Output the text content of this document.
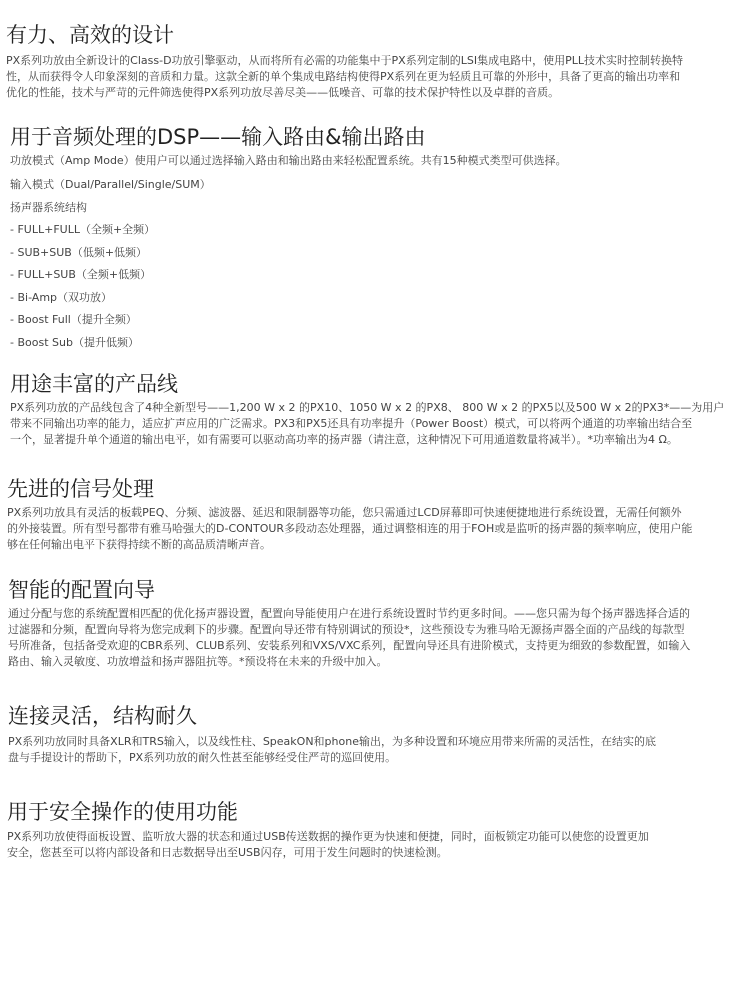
有力、高效的设计

PX系列功放由全新设计的Class-D功放引擎驱动，从而将所有必需的功能集中于PX系列定制的LSI集成电路中，使用PLL技术实时控制转换特
性，从而获得令人印象深刻的音质和力量。这款全新的单个集成电路结构使得PX系列在更为轻质且可靠的外形中，具备了更高的输出功率和
优化的性能，技术与严苛的元件筛选使得PX系列功放尽善尽美——低噪音、可靠的技术保护特性以及卓群的音质。

用于音频处理的DSP——输入路由&输出路由

功放模式（Amp Mode）使用户可以通过选择输入路由和输出路由来轻松配置系统。共有15种模式类型可供选择。

输入模式（Dual/Parallel/Single/SUM）
扬声器系统结构
- FULL+FULL（全频+全频）
- SUB+SUB（低频+低频）
- FULL+SUB（全频+低频）
- Bi-Amp（双功放）
- Boost Full（提升全频）
- Boost Sub（提升低频）
用途丰富的产品线

PX系列功放的产品线包含了4种全新型号——1,200 W x 2 的PX10、1050 W x 2 的PX8、 800 W x 2 的PX5以及500 W x 2的PX3*——为用户
带来不同输出功率的能力，适应扩声应用的广泛需求。PX3和PX5还具有功率提升（Power Boost）模式，可以将两个通道的功率输出结合至
一个，显著提升单个通道的输出电平，如有需要可以驱动高功率的扬声器（请注意，这种情况下可用通道数量将减半）。*功率输出为4 Ω。

先进的信号处理

PX系列功放具有灵活的板载PEQ、分频、滤波器、延迟和限制器等功能，您只需通过LCD屏幕即可快速便捷地进行系统设置，无需任何额外
的外接装置。所有型号都带有雅马哈强大的D-CONTOUR多段动态处理器，通过调整相连的用于FOH或是监听的扬声器的频率响应，使用户能
够在任何输出电平下获得持续不断的高品质清晰声音。

智能的配置向导

通过分配与您的系统配置相匹配的优化扬声器设置，配置向导能使用户在进行系统设置时节约更多时间。——您只需为每个扬声器选择合适的
过滤器和分频，配置向导将为您完成剩下的步骤。配置向导还带有特别调试的预设*，这些预设专为雅马哈无源扬声器全面的产品线的每款型
号所准备，包括备受欢迎的CBR系列、CLUB系列、安装系列和VXS/VXC系列，配置向导还具有进阶模式，支持更为细致的参数配置，如输入
路由、输入灵敏度、功放增益和扬声器阻抗等。*预设将在未来的升级中加入。

连接灵活，结构耐久

PX系列功放同时具备XLR和TRS输入，以及线性柱、SpeakON和phone输出，为多种设置和环境应用带来所需的灵活性，在结实的底
盘与手提设计的帮助下，PX系列功放的耐久性甚至能够经受住严苛的巡回使用。

用于安全操作的使用功能

PX系列功放使得面板设置、监听放大器的状态和通过USB传送数据的操作更为快速和便捷，同时，面板锁定功能可以使您的设置更加
安全，您甚至可以将内部设备和日志数据导出至USB闪存，可用于发生问题时的快速检测。
